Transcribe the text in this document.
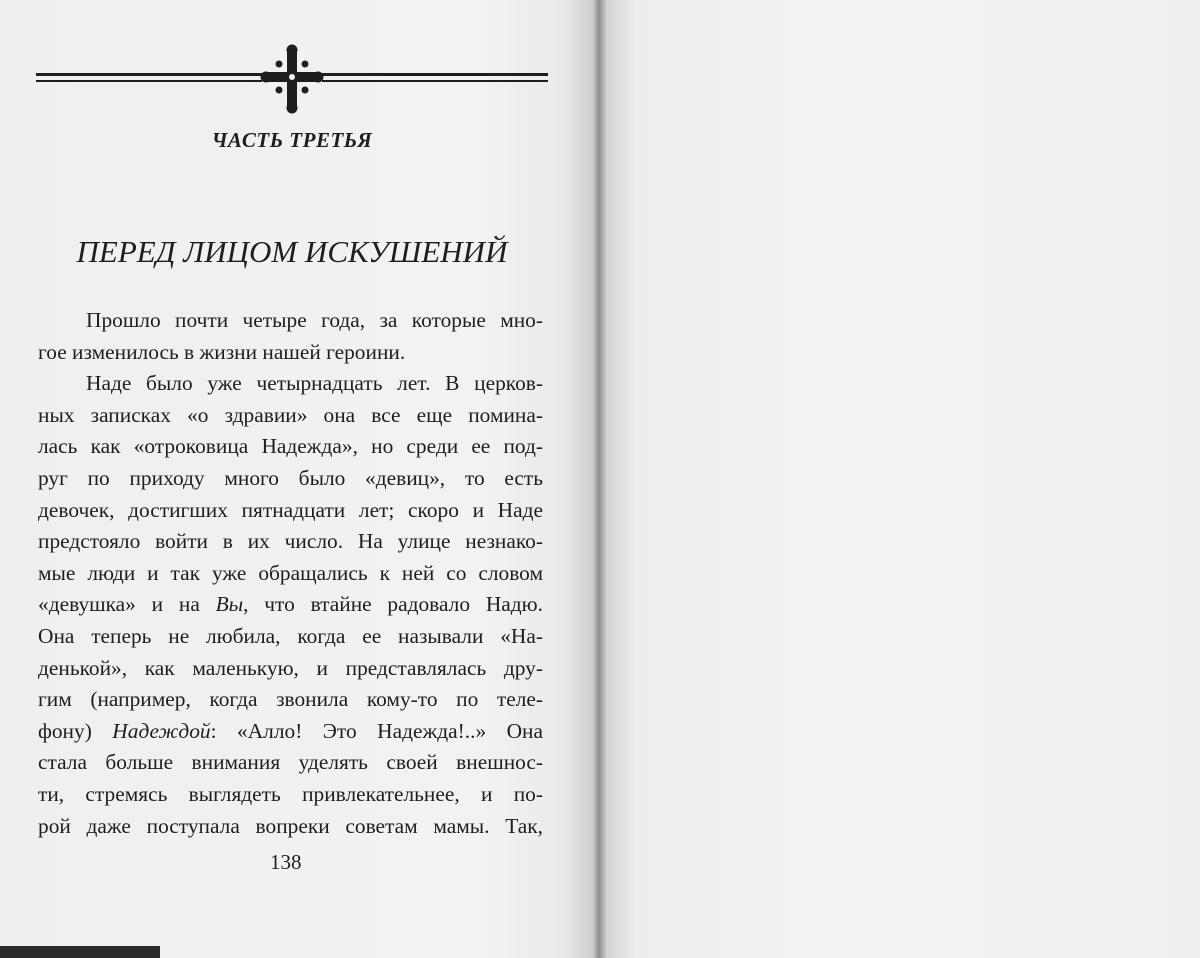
ЧАСТЬ ТРЕТЬЯ
ПЕРЕД ЛИЦОМ ИСКУШЕНИЙ
Прошло почти четыре года, за которые мно-
гое изменилось в жизни нашей героини.
Наде было уже четырнадцать лет. В церков-
ных записках «о здравии» она все еще помина-
лась как «отроковица Надежда», но среди ее под-
руг по приходу много было «девиц», то есть
девочек, достигших пятнадцати лет; скоро и Наде
предстояло войти в их число. На улице незнако-
мые люди и так уже обращались к ней со словом
«девушка» и на Вы, что втайне радовало Надю.
Она теперь не любила, когда ее называли «На-
денькой», как маленькую, и представлялась дру-
гим (например, когда звонила кому-то по теле-
фону) Надеждой: «Алло! Это Надежда!..» Она
стала больше внимания уделять своей внешнос-
ти, стремясь выглядеть привлекательнее, и по-
рой даже поступала вопреки советам мамы. Так,
138
